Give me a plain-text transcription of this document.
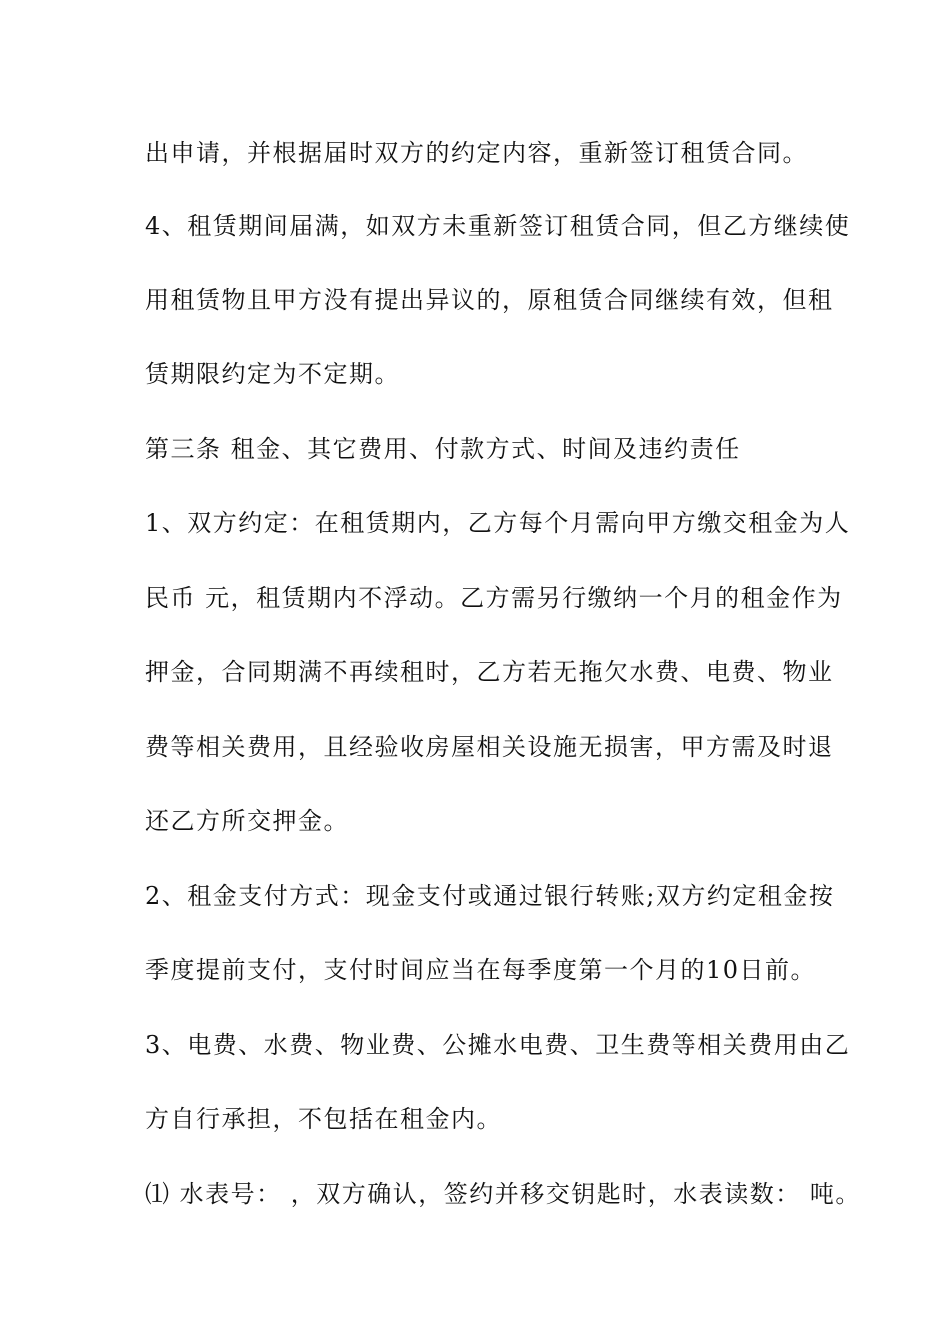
出申请，并根据届时双方的约定内容，重新签订租赁合同。
4、租赁期间届满，如双方未重新签订租赁合同，但乙方继续使
用租赁物且甲方没有提出异议的，原租赁合同继续有效，但租
赁期限约定为不定期。
第三条 租金、其它费用、付款方式、时间及违约责任
1、双方约定：在租赁期内，乙方每个月需向甲方缴交租金为人
民币 元，租赁期内不浮动。乙方需另行缴纳一个月的租金作为
押金，合同期满不再续租时，乙方若无拖欠水费、电费、物业
费等相关费用，且经验收房屋相关设施无损害，甲方需及时退
还乙方所交押金。
2、租金支付方式：现金支付或通过银行转账;双方约定租金按
季度提前支付，支付时间应当在每季度第一个月的10日前。
3、电费、水费、物业费、公摊水电费、卫生费等相关费用由乙
方自行承担，不包括在租金内。
⑴ 水表号： ，双方确认，签约并移交钥匙时，水表读数： 吨。
